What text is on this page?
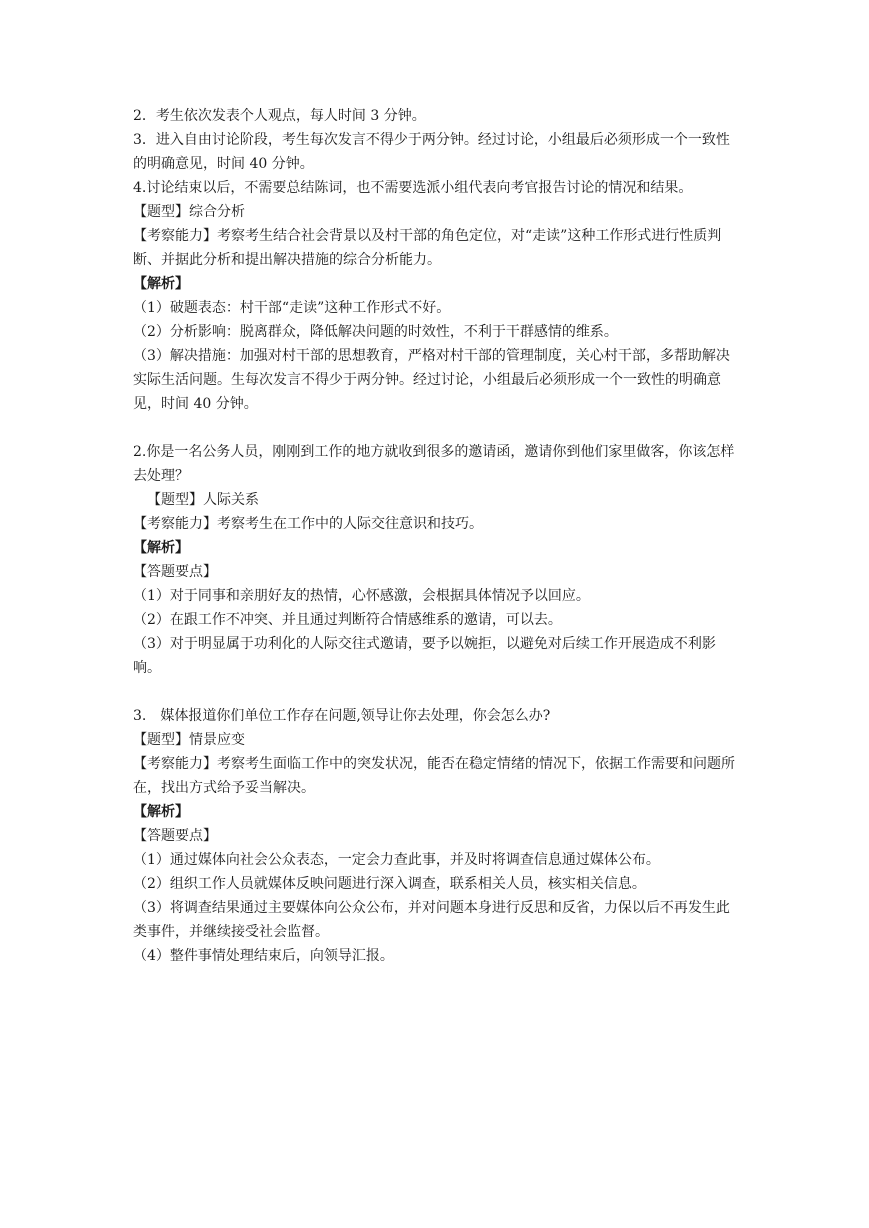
2．考生依次发表个人观点，每人时间 3 分钟。

3．进入自由讨论阶段，考生每次发言不得少于两分钟。经过讨论，小组最后必须形成一个一致性的明确意见，时间 40 分钟。

4.讨论结束以后，不需要总结陈词，也不需要选派小组代表向考官报告讨论的情况和结果。

【题型】综合分析

【考察能力】考察考生结合社会背景以及村干部的角色定位，对“走读”这种工作形式进行性质判断、并据此分析和提出解决措施的综合分析能力。

【解析】

（1）破题表态：村干部“走读”这种工作形式不好。

（2）分析影响：脱离群众，降低解决问题的时效性，不利于干群感情的维系。

（3）解决措施：加强对村干部的思想教育，严格对村干部的管理制度，关心村干部，多帮助解决实际生活问题。生每次发言不得少于两分钟。经过讨论，小组最后必须形成一个一致性的明确意见，时间 40 分钟。

2.你是一名公务人员，刚刚到工作的地方就收到很多的邀请函，邀请你到他们家里做客，你该怎样去处理？

【题型】人际关系

【考察能力】考察考生在工作中的人际交往意识和技巧。

【解析】

【答题要点】

（1）对于同事和亲朋好友的热情，心怀感激，会根据具体情况予以回应。

（2）在跟工作不冲突、并且通过判断符合情感维系的邀请，可以去。

（3）对于明显属于功利化的人际交往式邀请，要予以婉拒，以避免对后续工作开展造成不利影响。

3.　媒体报道你们单位工作存在问题,领导让你去处理，你会怎么办?

【题型】情景应变

【考察能力】考察考生面临工作中的突发状况，能否在稳定情绪的情况下，依据工作需要和问题所在，找出方式给予妥当解决。

【解析】

【答题要点】

（1）通过媒体向社会公众表态，一定会力查此事，并及时将调查信息通过媒体公布。

（2）组织工作人员就媒体反映问题进行深入调查，联系相关人员，核实相关信息。

（3）将调查结果通过主要媒体向公众公布，并对问题本身进行反思和反省，力保以后不再发生此类事件，并继续接受社会监督。

（4）整件事情处理结束后，向领导汇报。
